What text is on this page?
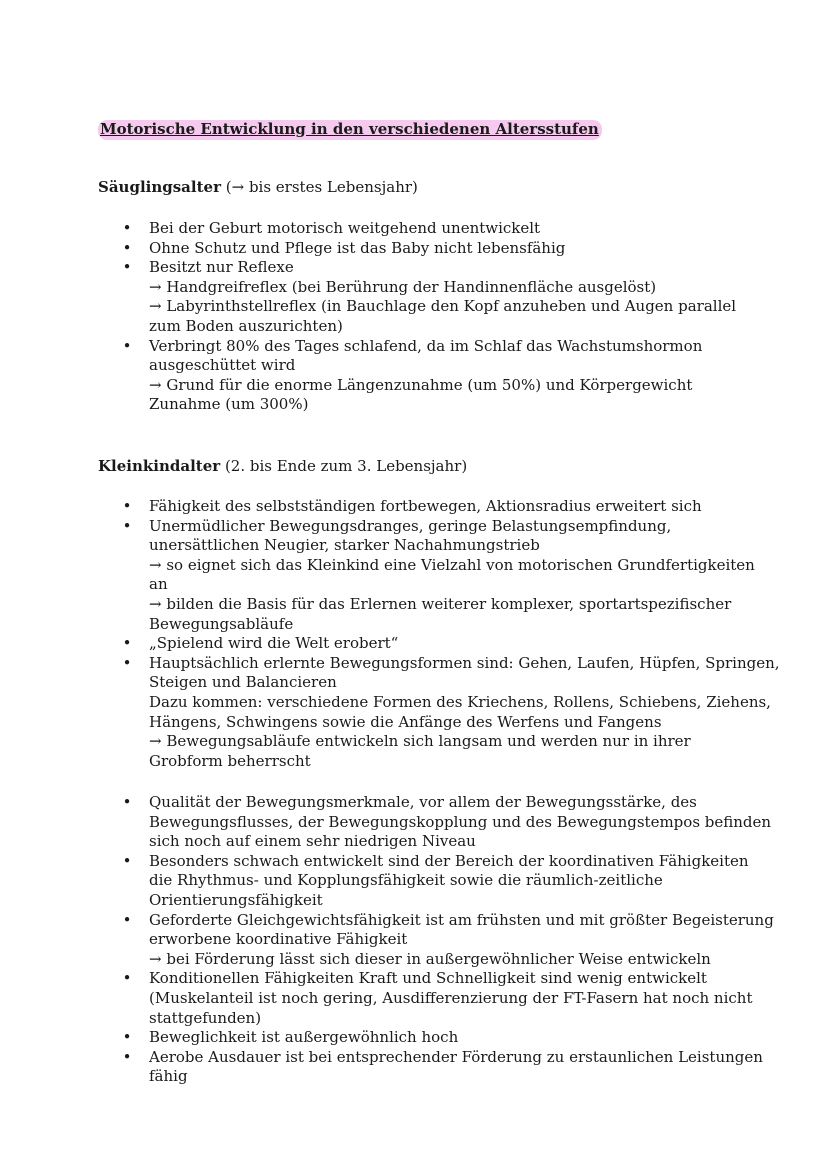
Motorische Entwicklung in den verschiedenen Altersstufen
Säuglingsalter (→ bis erstes Lebensjahr)
• Bei der Geburt motorisch weitgehend unentwickelt
• Ohne Schutz und Pflege ist das Baby nicht lebensfähig
• Besitzt nur Reflexe
→ Handgreifreflex (bei Berührung der Handinnenfläche ausgelöst)
→ Labyrinthstellreflex (in Bauchlage den Kopf anzuheben und Augen parallel
zum Boden auszurichten)
• Verbringt 80% des Tages schlafend, da im Schlaf das Wachstumshormon
ausgeschüttet wird
→ Grund für die enorme Längenzunahme (um 50%) und Körpergewicht
Zunahme (um 300%)
Kleinkindalter (2. bis Ende zum 3. Lebensjahr)
• Fähigkeit des selbstständigen fortbewegen, Aktionsradius erweitert sich
• Unermüdlicher Bewegungsdranges, geringe Belastungsempfindung,
unersättlichen Neugier, starker Nachahmungstrieb
→ so eignet sich das Kleinkind eine Vielzahl von motorischen Grundfertigkeiten
an
→ bilden die Basis für das Erlernen weiterer komplexer, sportartspezifischer
Bewegungsabläufe
• „Spielend wird die Welt erobert“
• Hauptsächlich erlernte Bewegungsformen sind: Gehen, Laufen, Hüpfen, Springen,
Steigen und Balancieren
Dazu kommen: verschiedene Formen des Kriechens, Rollens, Schiebens, Ziehens,
Hängens, Schwingens sowie die Anfänge des Werfens und Fangens
→ Bewegungsabläufe entwickeln sich langsam und werden nur in ihrer
Grobform beherrscht
• Qualität der Bewegungsmerkmale, vor allem der Bewegungsstärke, des
Bewegungsflusses, der Bewegungskopplung und des Bewegungstempos befinden
sich noch auf einem sehr niedrigen Niveau
• Besonders schwach entwickelt sind der Bereich der koordinativen Fähigkeiten
die Rhythmus- und Kopplungsfähigkeit sowie die räumlich-zeitliche
Orientierungsfähigkeit
• Geforderte Gleichgewichtsfähigkeit ist am frühsten und mit größter Begeisterung
erworbene koordinative Fähigkeit
→ bei Förderung lässt sich dieser in außergewöhnlicher Weise entwickeln
• Konditionellen Fähigkeiten Kraft und Schnelligkeit sind wenig entwickelt
(Muskelanteil ist noch gering, Ausdifferenzierung der FT-Fasern hat noch nicht
stattgefunden)
• Beweglichkeit ist außergewöhnlich hoch
• Aerobe Ausdauer ist bei entsprechender Förderung zu erstaunlichen Leistungen
fähig
